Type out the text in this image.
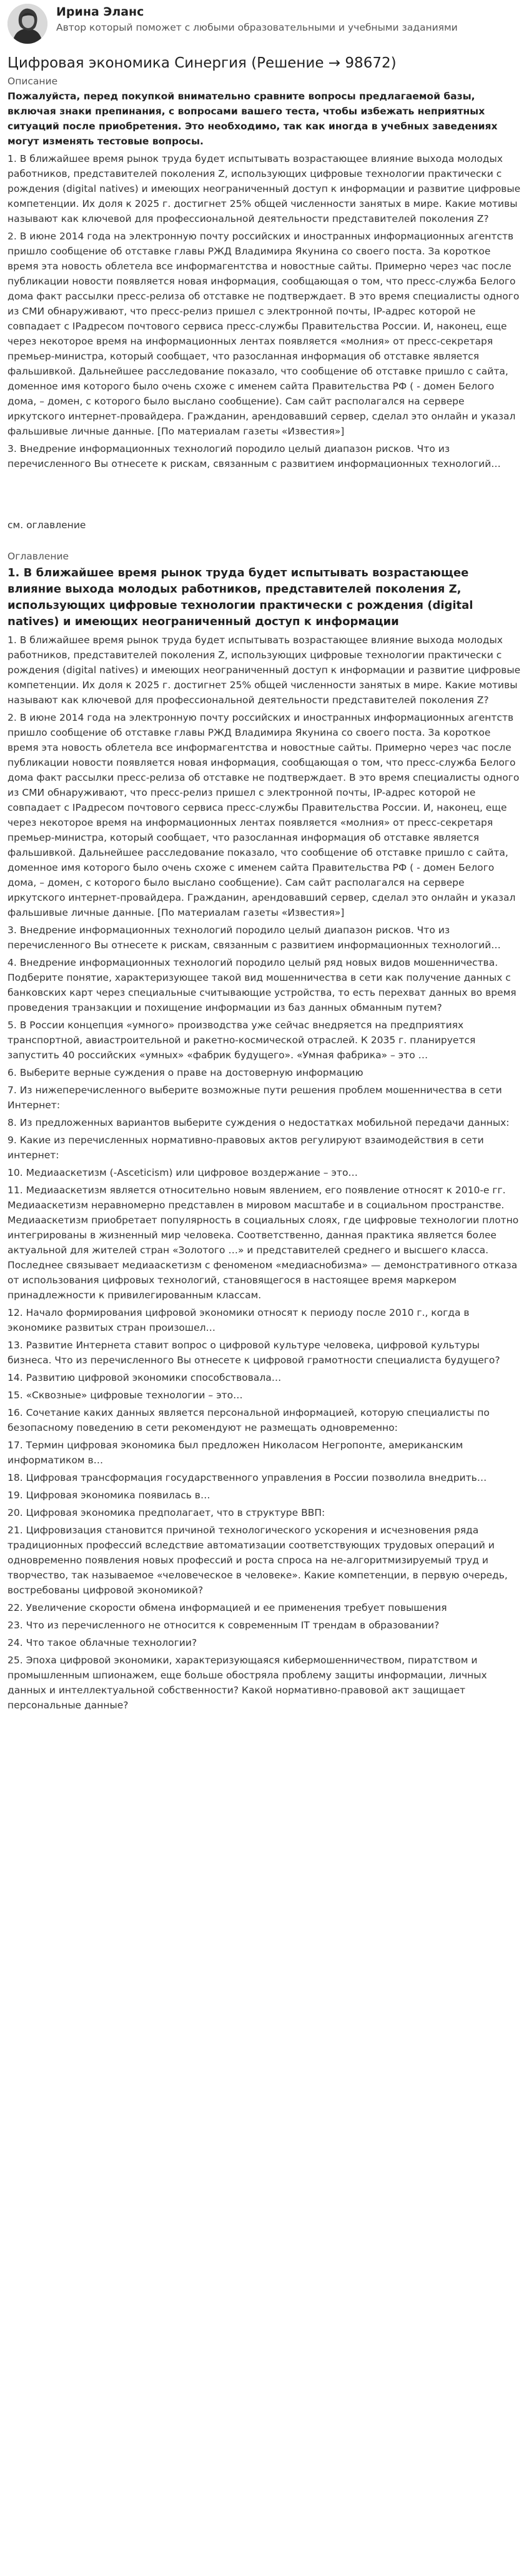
Ирина Эланс
Автор который поможет с любыми образовательными и учебными заданиями
Цифровая экономика Синергия (Решение → 98672)
Описание
Пожалуйста, перед покупкой внимательно сравните вопросы предлагаемой базы, включая знаки препинания, с вопросами вашего теста, чтобы избежать неприятных ситуаций после приобретения. Это необходимо, так как иногда в учебных заведениях могут изменять тестовые вопросы.
1. В ближайшее время рынок труда будет испытывать возрастающее влияние выхода молодых работников, представителей поколения Z, использующих цифровые технологии практически с рождения (digital natives) и имеющих неограниченный доступ к информации и развитие цифровые компетенции. Их доля к 2025 г. достигнет 25% общей численности занятых в мире. Какие мотивы называют как ключевой для профессиональной деятельности представителей поколения Z?
2. В июне 2014 года на электронную почту российских и иностранных информационных агентств пришло сообщение об отставке главы РЖД Владимира Якунина со своего поста. За короткое время эта новость облетела все информагентства и новостные сайты. Примерно через час после публикации новости появляется новая информация, сообщающая о том, что пресс-служба Белого дома факт рассылки пресс-релиза об отставке не подтверждает. В это время специалисты одного из СМИ обнаруживают, что пресс-релиз пришел с электронной почты, IP-адрес которой не совпадает с IPадресом почтового сервиса пресс-службы Правительства России. И, наконец, еще через некоторое время на информационных лентах появляется «молния» от пресс-секретаря премьер-министра, который сообщает, что разосланная информация об отставке является фальшивкой. Дальнейшее расследование показало, что сообщение об отставке пришло с сайта, доменное имя которого было очень схоже с именем сайта Правительства РФ ( - домен Белого дома, – домен, с которого было выслано сообщение). Сам сайт располагался на сервере иркутского интернет-провайдера. Гражданин, арендовавший сервер, сделал это онлайн и указал фальшивые личные данные. [По материалам газеты «Известия»]
3. Внедрение информационных технологий породило целый диапазон рисков. Что из перечисленного Вы отнесете к рискам, связанным с развитием информационных технологий…
см. оглавление
Оглавление
1. В ближайшее время рынок труда будет испытывать возрастающее влияние выхода молодых работников, представителей поколения Z, использующих цифровые технологии практически с рождения (digital natives) и имеющих неограниченный доступ к информации
1. В ближайшее время рынок труда будет испытывать возрастающее влияние выхода молодых работников, представителей поколения Z, использующих цифровые технологии практически с рождения (digital natives) и имеющих неограниченный доступ к информации и развитие цифровые компетенции. Их доля к 2025 г. достигнет 25% общей численности занятых в мире. Какие мотивы называют как ключевой для профессиональной деятельности представителей поколения Z?
2. В июне 2014 года на электронную почту российских и иностранных информационных агентств пришло сообщение об отставке главы РЖД Владимира Якунина со своего поста. За короткое время эта новость облетела все информагентства и новостные сайты. Примерно через час после публикации новости появляется новая информация, сообщающая о том, что пресс-служба Белого дома факт рассылки пресс-релиза об отставке не подтверждает. В это время специалисты одного из СМИ обнаруживают, что пресс-релиз пришел с электронной почты, IP-адрес которой не совпадает с IPадресом почтового сервиса пресс-службы Правительства России. И, наконец, еще через некоторое время на информационных лентах появляется «молния» от пресс-секретаря премьер-министра, который сообщает, что разосланная информация об отставке является фальшивкой. Дальнейшее расследование показало, что сообщение об отставке пришло с сайта, доменное имя которого было очень схоже с именем сайта Правительства РФ ( - домен Белого дома, – домен, с которого было выслано сообщение). Сам сайт располагался на сервере иркутского интернет-провайдера. Гражданин, арендовавший сервер, сделал это онлайн и указал фальшивые личные данные. [По материалам газеты «Известия»]
3. Внедрение информационных технологий породило целый диапазон рисков. Что из перечисленного Вы отнесете к рискам, связанным с развитием информационных технологий…
4. Внедрение информационных технологий породило целый ряд новых видов мошенничества. Подберите понятие, характеризующее такой вид мошенничества в сети как получение данных с банковских карт через специальные считывающие устройства, то есть перехват данных во время проведения транзакции и похищение информации из баз данных обманным путем?
5. В России концепция «умного» производства уже сейчас внедряется на предприятиях транспортной, авиастроительной и ракетно-космической отраслей. К 2035 г. планируется запустить 40 российских «умных» «фабрик будущего». «Умная фабрика» – это …
6. Выберите верные суждения о праве на достоверную информацию
7. Из нижеперечисленного выберите возможные пути решения проблем мошенничества в сети Интернет:
8. Из предложенных вариантов выберите суждения о недостатках мобильной передачи данных:
9. Какие из перечисленных нормативно-правовых актов регулируют взаимодействия в сети интернет:
10. Медиааскетизм (-Asceticism) или цифровое воздержание – это…
11. Медиааскетизм является относительно новым явлением, его появление относят к 2010-е гг. Медиааскетизм неравномерно представлен в мировом масштабе и в социальном пространстве. Медиааскетизм приобретает популярность в социальных слоях, где цифровые технологии плотно интегрированы в жизненный мир человека. Соответственно, данная практика является более актуальной для жителей стран «Золотого …» и представителей среднего и высшего класса. Последнее связывает медиааскетизм с феноменом «медиаснобизма» — демонстративного отказа от использования цифровых технологий, становящегося в настоящее время маркером принадлежности к привилегированным классам.
12. Начало формирования цифровой экономики относят к периоду после 2010 г., когда в экономике развитых стран произошел…
13. Развитие Интернета ставит вопрос о цифровой культуре человека, цифровой культуры бизнеса. Что из перечисленного Вы отнесете к цифровой грамотности специалиста будущего?
14. Развитию цифровой экономики способствовала…
15. «Сквозные» цифровые технологии – это…
16. Сочетание каких данных является персональной информацией, которую специалисты по безопасному поведению в сети рекомендуют не размещать одновременно:
17. Термин цифровая экономика был предложен Николасом Негропонте, американским информатиком в…
18. Цифровая трансформация государственного управления в России позволила внедрить…
19. Цифровая экономика появилась в…
20. Цифровая экономика предполагает, что в структуре ВВП:
21. Цифровизация становится причиной технологического ускорения и исчезновения ряда традиционных профессий вследствие автоматизации соответствующих трудовых операций и одновременно появления новых профессий и роста спроса на не-алгоритмизируемый труд и творчество, так называемое «человеческое в человеке». Какие компетенции, в первую очередь, востребованы цифровой экономикой?
22. Увеличение скорости обмена информацией и ее применения требует повышения
23. Что из перечисленного не относится к современным IT трендам в образовании?
24. Что такое облачные технологии?
25. Эпоха цифровой экономики, характеризующаяся кибермошенничеством, пиратством и промышленным шпионажем, еще больше обостряла проблему защиты информации, личных данных и интеллектуальной собственности? Какой нормативно-правовой акт защищает персональные данные?
